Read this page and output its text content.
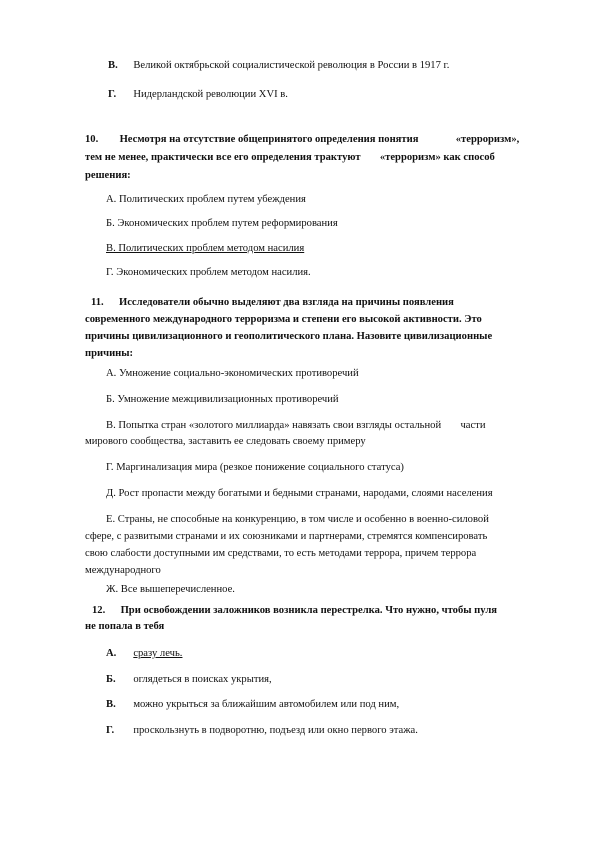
В. Великой октябрьской социалистической революция в России в 1917 г.
Г. Нидерландской революции XVI в.
10. Несмотря на отсутствие общепринятого определения понятия	«терроризм»,
тем не менее, практически все его определения трактуют «терроризм» как способ
решения:
А. Политических проблем путем убеждения
Б. Экономических проблем путем реформирования
В. Политических проблем методом насилия
Г. Экономических проблем методом насилия.
11. Исследователи обычно выделяют два взгляда на причины появления
современного международного терроризма и степени его высокой активности. Это
причины цивилизационного и геополитического плана. Назовите цивилизационные
причины:
А. Умножение социально-экономических противоречий
Б. Умножение межцивилизационных противоречий
В. Попытка стран «золотого миллиарда» навязать свои взгляды остальной части
мирового сообщества, заставить ее следовать своему примеру
Г. Маргинализация мира (резкое понижение социального статуса)
Д. Рост пропасти между богатыми и бедными странами, народами, слоями населения
Е. Страны, не способные на конкуренцию, в том числе и особенно в военно-силовой
сфере, с развитыми странами и их союзниками и партнерами, стремятся компенсировать
свою слабости доступными им средствами, то есть методами террора, причем террора
международного
Ж. Все вышеперечисленное.
12. При освобождении заложников возникла перестрелка. Что нужно, чтобы пуля
не попала в тебя
А. сразу лечь.
Б. оглядеться в поисках укрытия,
В. можно укрыться за ближайшим автомобилем или под ним,
Г. проскользнуть в подворотню, подъезд или окно первого этажа.
